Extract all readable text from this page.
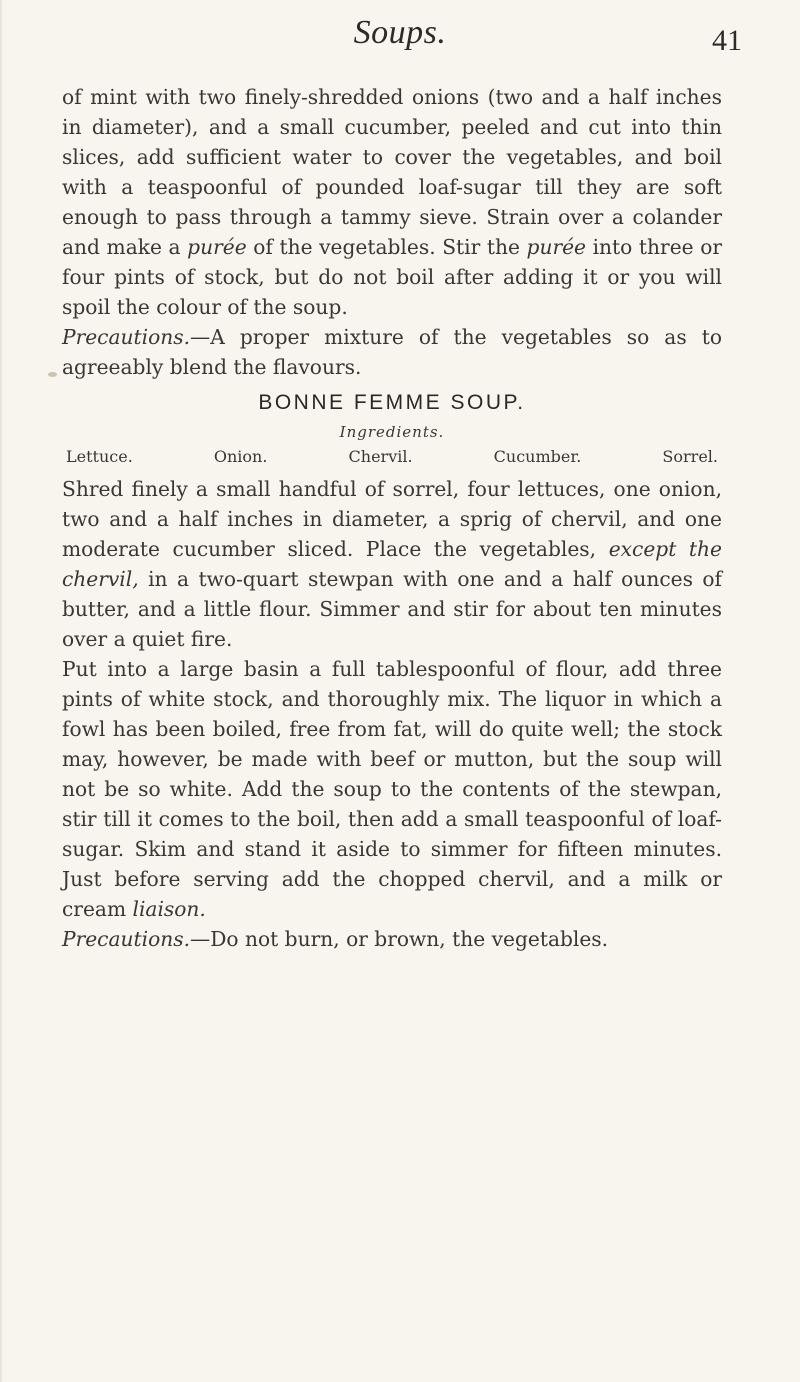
Soups.	41

of mint with two finely-shredded onions (two and a half inches in diameter), and a small cucumber, peeled and cut into thin slices, add sufficient water to cover the vegetables, and boil with a teaspoonful of pounded loaf-sugar till they are soft enough to pass through a tammy sieve. Strain over a colander and make a purée of the vegetables. Stir the purée into three or four pints of stock, but do not boil after adding it or you will spoil the colour of the soup.

Precautions.—A proper mixture of the vegetables so as to agreeably blend the flavours.

BONNE FEMME SOUP.

Ingredients.

Lettuce.	Onion.	Chervil.	Cucumber.	Sorrel.

Shred finely a small handful of sorrel, four lettuces, one onion, two and a half inches in diameter, a sprig of chervil, and one moderate cucumber sliced. Place the vegetables, except the chervil, in a two-quart stewpan with one and a half ounces of butter, and a little flour. Simmer and stir for about ten minutes over a quiet fire.

Put into a large basin a full tablespoonful of flour, add three pints of white stock, and thoroughly mix. The liquor in which a fowl has been boiled, free from fat, will do quite well; the stock may, however, be made with beef or mutton, but the soup will not be so white. Add the soup to the contents of the stewpan, stir till it comes to the boil, then add a small teaspoonful of loaf-sugar. Skim and stand it aside to simmer for fifteen minutes. Just before serving add the chopped chervil, and a milk or cream liaison.

Precautions.—Do not burn, or brown, the vegetables.
